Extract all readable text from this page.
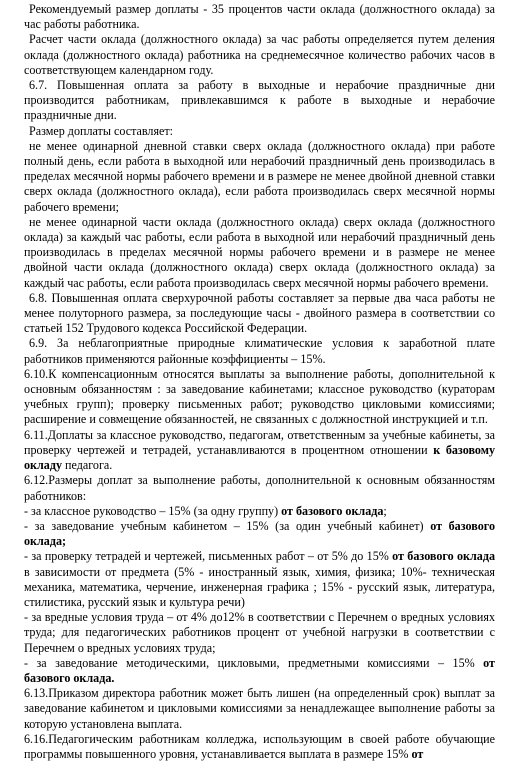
Рекомендуемый размер доплаты - 35 процентов части оклада (должностного оклада) за час работы работника.

Расчет части оклада (должностного оклада) за час работы определяется путем деления оклада (должностного оклада) работника на среднемесячное количество рабочих часов в соответствующем календарном году.

6.7. Повышенная оплата за работу в выходные и нерабочие праздничные дни производится работникам, привлекавшимся к работе в выходные и нерабочие праздничные дни.

Размер доплаты составляет:

не менее одинарной дневной ставки сверх оклада (должностного оклада) при работе полный день, если работа в выходной или нерабочий праздничный день производилась в пределах месячной нормы рабочего времени и в размере не менее двойной дневной ставки сверх оклада (должностного оклада), если работа производилась сверх месячной нормы рабочего времени;

не менее одинарной части оклада (должностного оклада) сверх оклада (должностного оклада) за каждый час работы, если работа в выходной или нерабочий праздничный день производилась в пределах месячной нормы рабочего времени и в размере не менее двойной части оклада (должностного оклада) сверх оклада (должностного оклада) за каждый час работы, если работа производилась сверх месячной нормы рабочего времени.

6.8. Повышенная оплата сверхурочной работы составляет за первые два часа работы не менее полуторного размера, за последующие часы - двойного размера в соответствии со статьей 152 Трудового кодекса Российской Федерации.

6.9. За неблагоприятные природные климатические условия к заработной плате работников применяются районные коэффициенты – 15%.

6.10.К компенсационным относятся выплаты за выполнение работы, дополнительной к основным обязанностям : за заведование кабинетами; классное руководство (кураторам учебных групп); проверку письменных работ; руководство цикловыми комиссиями; расширение и совмещение обязанностей, не связанных с должностной инструкцией и т.п.

6.11.Доплаты за классное руководство, педагогам, ответственным за учебные кабинеты, за проверку чертежей и тетрадей, устанавливаются в процентном отношении к базовому окладу педагога.

6.12.Размеры доплат за выполнение работы, дополнительной к основным обязанностям работников:

- за классное руководство – 15% (за одну группу) от базового оклада;

- за заведование учебным кабинетом – 15% (за один учебный кабинет) от базового оклада;

- за проверку тетрадей и чертежей, письменных работ – от 5% до 15% от базового оклада в зависимости от предмета (5% - иностранный язык, химия, физика; 10%- техническая механика, математика, черчение, инженерная графика ; 15% - русский язык, литература, стилистика, русский язык и культура речи)

- за вредные условия труда – от 4% до12% в соответствии с Перечнем о вредных условиях труда; для педагогических работников процент от учебной нагрузки в соответствии с Перечнем о вредных условиях труда;

- за заведование методическими, цикловыми, предметными комиссиями – 15% от базового оклада.

6.13.Приказом директора работник может быть лишен (на определенный срок) выплат за заведование кабинетом и цикловыми комиссиями за ненадлежащее выполнение работы за которую установлена выплата.

6.16.Педагогическим работникам колледжа, использующим в своей работе обучающие программы повышенного уровня, устанавливается выплата в размере 15% от
